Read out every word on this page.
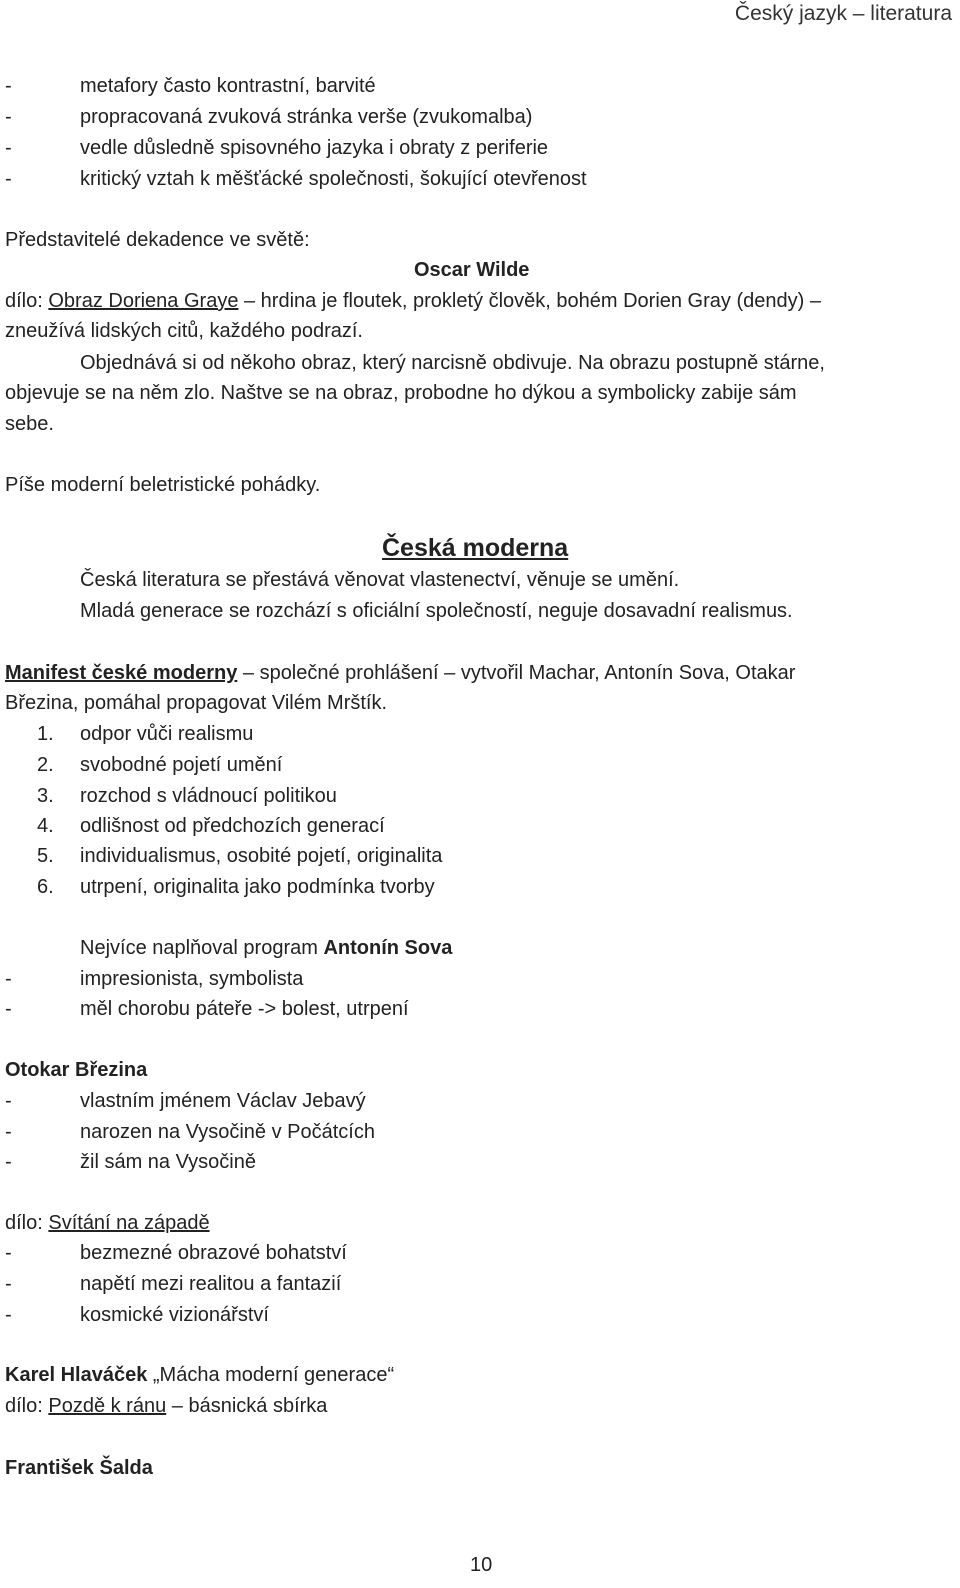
Český jazyk – literatura
-	metafory často kontrastní, barvité
-	propracovaná zvuková stránka verše (zvukomalba)
-	vedle důsledně spisovného jazyka i obraty z periferie
-	kritický vztah k měšťácké společnosti, šokující otevřenost
Představitelé dekadence ve světě:
Oscar Wilde
dílo: Obraz Doriena Graye – hrdina je floutek, prokletý člověk, bohém Dorien Gray (dendy) –
zneužívá lidských citů, každého podrazí.
Objednává si od někoho obraz, který narcisně obdivuje. Na obrazu postupně stárne,
objevuje se na něm zlo. Naštve se na obraz, probodne ho dýkou a symbolicky zabije sám
sebe.
Píše moderní beletristické pohádky.
Česká moderna
Česká literatura se přestává věnovat vlastenectví, věnuje se umění.
Mladá generace se rozchází s oficiální společností, neguje dosavadní realismus.
Manifest české moderny – společné prohlášení – vytvořil Machar, Antonín Sova, Otakar
Březina, pomáhal propagovat Vilém Mrštík.
1. odpor vůči realismu
2. svobodné pojetí umění
3. rozchod s vládnoucí politikou
4. odlišnost od předchozích generací
5. individualismus, osobité pojetí, originalita
6. utrpení, originalita jako podmínka tvorby
Nejvíce naplňoval program Antonín Sova
-	impresionista, symbolista
-	měl chorobu páteře -> bolest, utrpení
Otokar Březina
-	vlastním jménem Václav Jebavý
-	narozen na Vysočině v Počátcích
-	žil sám na Vysočině
dílo: Svítání na západě
-	bezmezné obrazové bohatství
-	napětí mezi realitou a fantazií
-	kosmické vizionářství
Karel Hlaváček „Mácha moderní generace“
dílo: Pozdě k ránu – básnická sbírka
František Šalda
10
